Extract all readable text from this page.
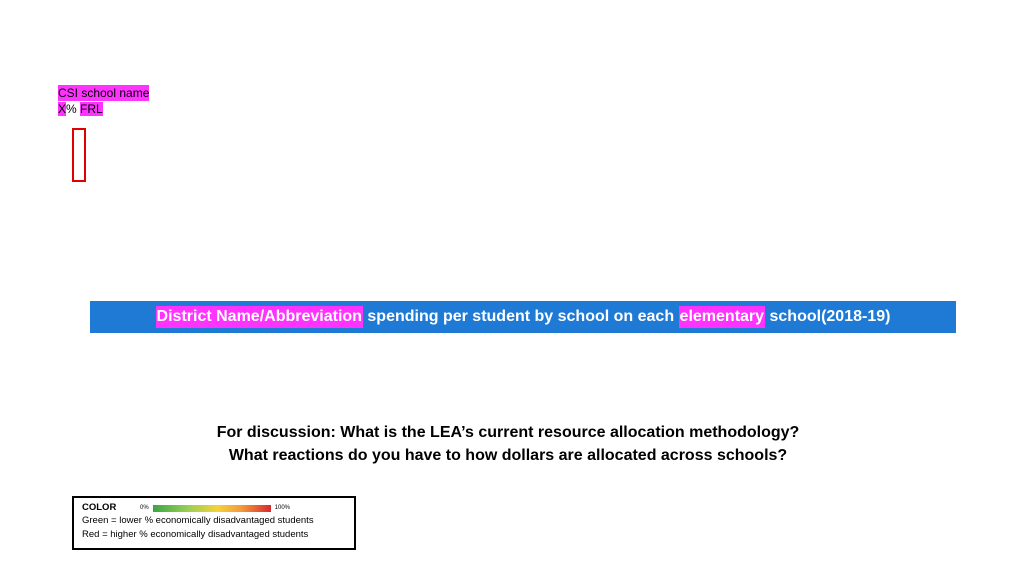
CSI school name
X% FRL
District Name/Abbreviation
spending per student by school on each
elementary
school(2018-19)
For discussion: What is the LEA’s current resource allocation methodology?
What reactions do you have to how dollars are allocated across schools?
COLOR	0%	100%
Green = lower % economically disadvantaged students
Red = higher % economically disadvantaged students
